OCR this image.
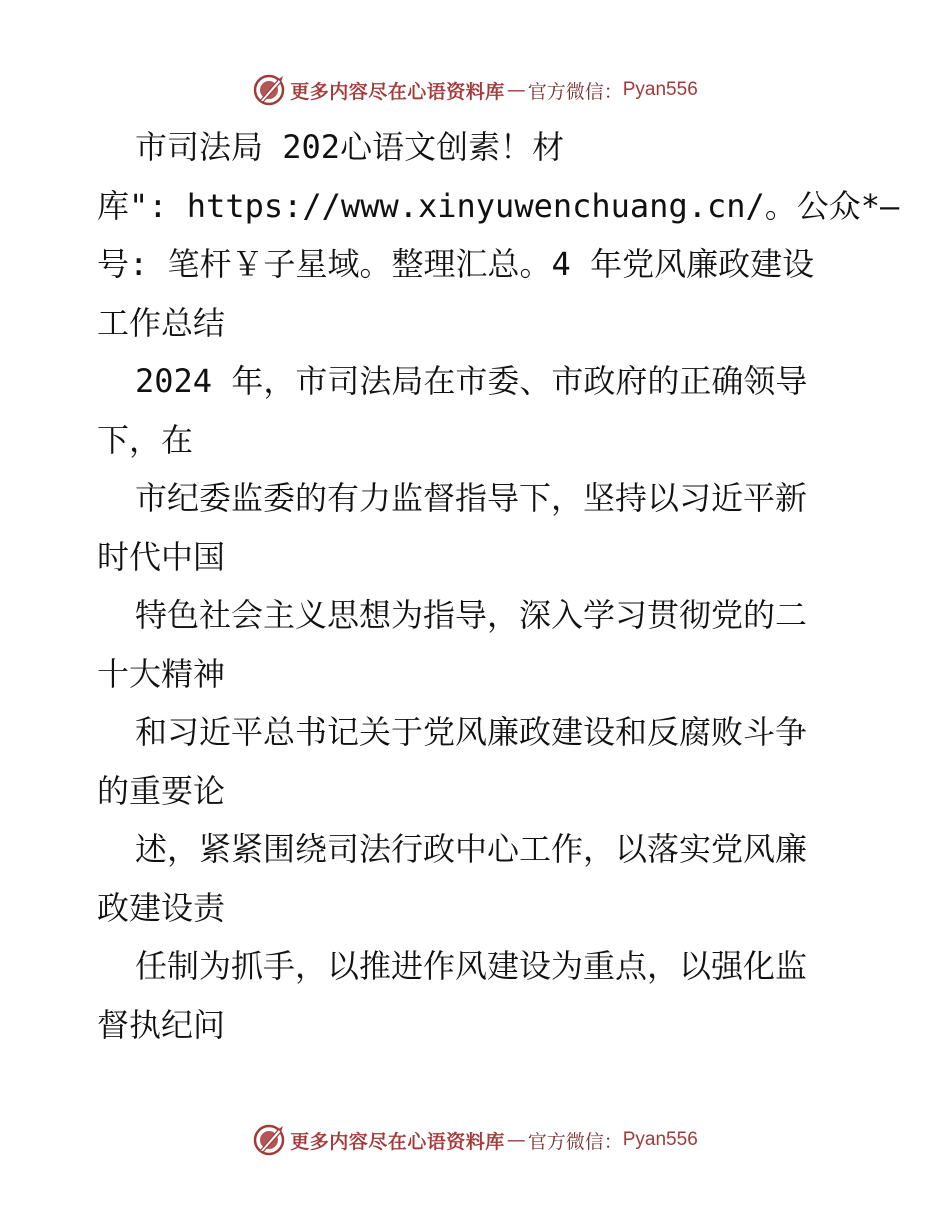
更多内容尽在心语资料库 — 官方微信： Pyan556
市司法局 202心语文创素！材
库": https://www.xinyuwenchuang.cn/。公众*—
号: 笔杆￥子星域。整理汇总。4 年党风廉政建设
工作总结
2024 年，市司法局在市委、市政府的正确领导
下，在
市纪委监委的有力监督指导下，坚持以习近平新
时代中国
特色社会主义思想为指导，深入学习贯彻党的二
十大精神
和习近平总书记关于党风廉政建设和反腐败斗争
的重要论
述，紧紧围绕司法行政中心工作，以落实党风廉
政建设责
任制为抓手，以推进作风建设为重点，以强化监
督执纪问
更多内容尽在心语资料库 — 官方微信： Pyan556
